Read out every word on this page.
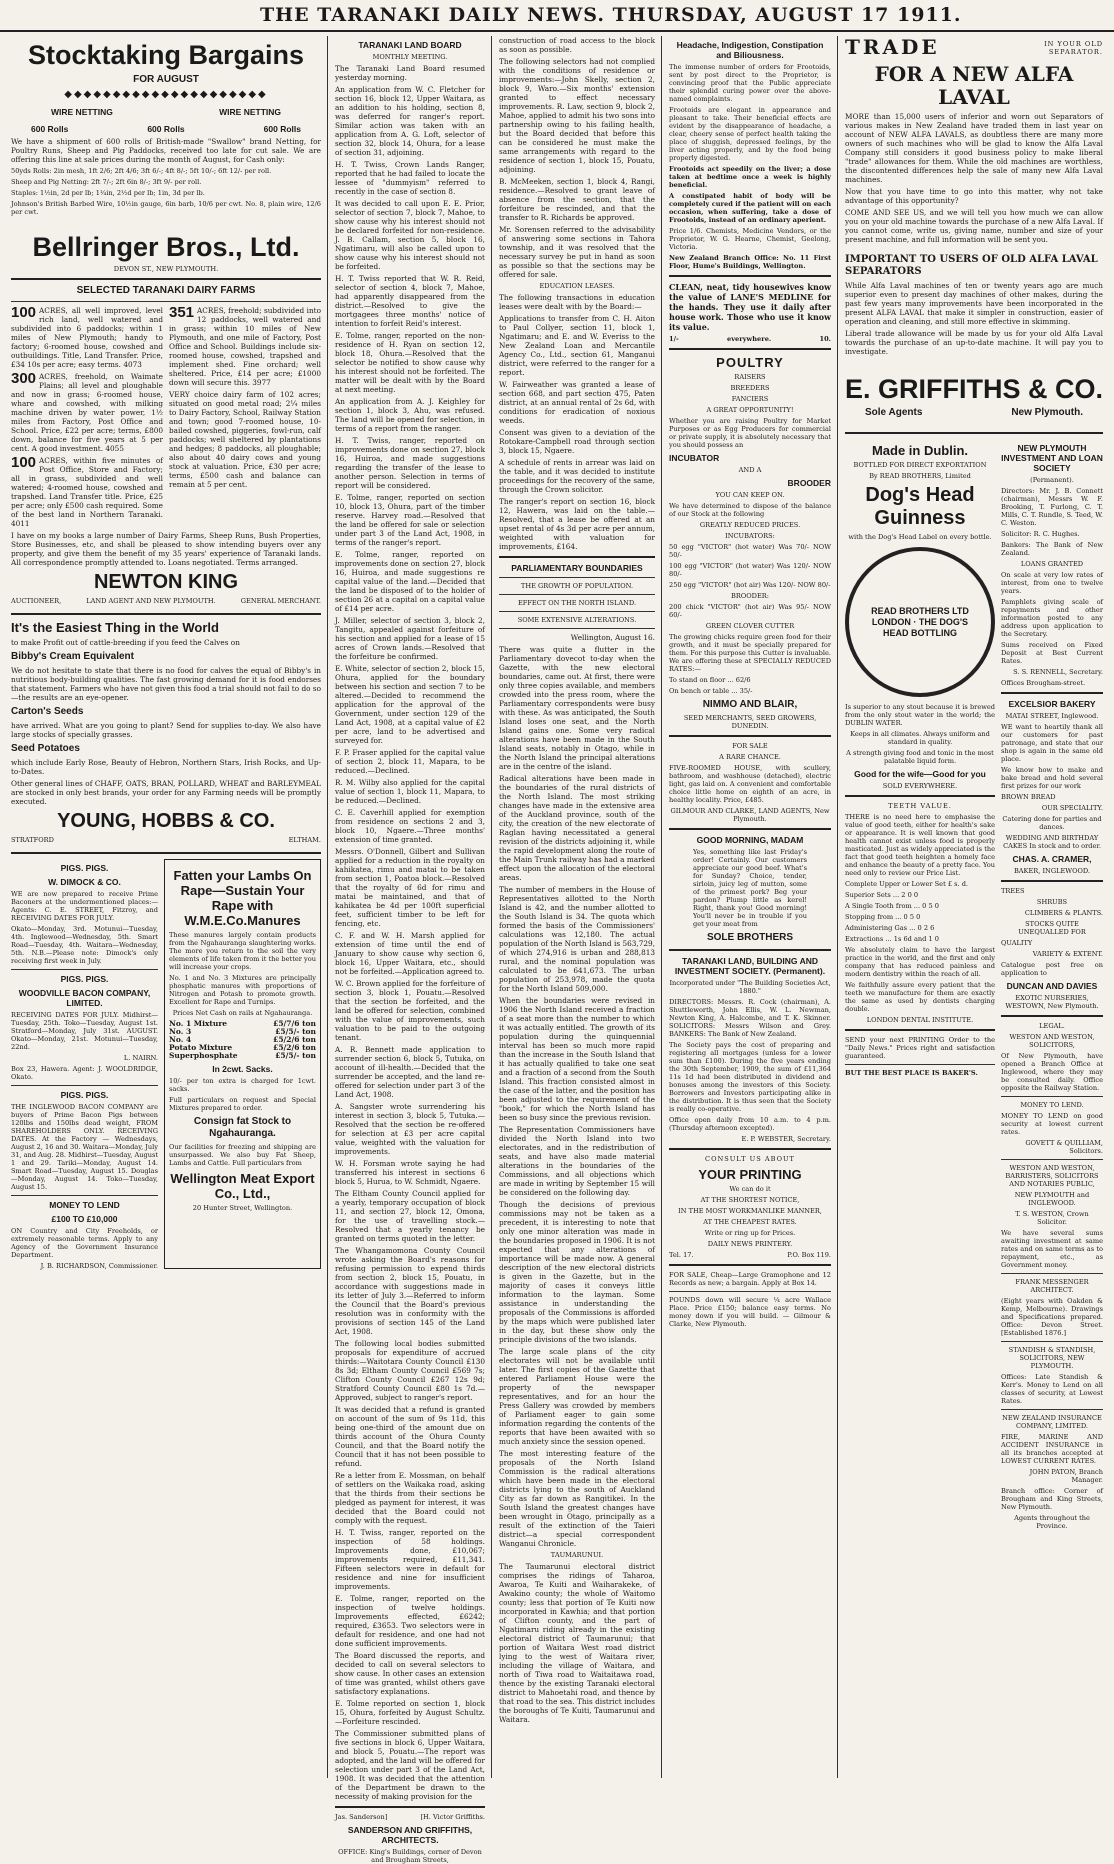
THE TARANAKI DAILY NEWS. THURSDAY, AUGUST 17 1911.
Stocktaking Bargains
FOR AUGUST
◆◆◆◆◆◆◆◆◆◆◆◆◆◆◆◆◆◆◆◆◆
WIRE NETTING	WIRE NETTING
600 Rolls	600 Rolls	600 Rolls

We have a shipment of 600 rolls of British-made "Swallow" brand Netting, for Poultry Runs, Sheep and Pig Paddocks, received too late for cut sale. We are offering this line at sale prices during the month of August, for Cash only:

50yds Rolls: 2in mesh, 1ft 2/6; 2ft 4/6; 3ft 6/-; 4ft 8/-; 5ft 10/-; 6ft 12/- per roll.

Sheep and Pig Netting: 2ft 7/-; 2ft 6in 8/-; 3ft 9/- per roll.

Staples: 1½in, 2d per lb; 1¼in, 2½d per lb; 1in, 3d per lb.

Johnson's British Barbed Wire, 10½in gauge, 6in barb, 10/6 per cwt. No. 8, plain wire, 12/6 per cwt.

Bellringer Bros., Ltd.

DEVON ST., NEW PLYMOUTH.

SELECTED TARANAKI DAIRY FARMS

100 ACRES, all well improved, level rich land, well watered and subdivided into 6 paddocks; within 1 miles of New Plymouth; handy to factory; 6-roomed house, cowshed and outbuildings. Title, Land Transfer. Price, £34 10s per acre; easy terms. 4073

300 ACRES, freehold, on Waimate Plains; all level and ploughable and now in grass; 6-roomed house, whare and cowshed, with milking machine driven by water power, 1½ miles from Factory, Post Office and School. Price, £22 per acre; terms, £800 down, balance for five years at 5 per cent. A good investment. 4055

100 ACRES, within five minutes of Post Office, Store and Factory; all in grass, subdivided and well watered; 4-roomed house, cowshed and trapshed. Land Transfer title. Price, £25 per acre; only £500 cash required. Some of the best land in Northern Taranaki. 4011

351 ACRES, freehold; subdivided into 12 paddocks, well watered and in grass; within 10 miles of New Plymouth, and one mile of Factory, Post Office and School. Buildings include six-roomed house, cowshed, trapshed and implement shed. Fine orchard; well sheltered. Price, £14 per acre; £1000 down will secure this. 3977

VERY choice dairy farm of 102 acres; situated on good metal road; 2¼ miles to Dairy Factory, School, Railway Station and town; good 7-roomed house, 10-bailed cowshed, piggeries, fowl-run, calf paddocks; well sheltered by plantations and hedges; 8 paddocks, all ploughable; also about 40 dairy cows and young stock at valuation. Price, £30 per acre; terms, £500 cash and balance can remain at 5 per cent.

I have on my books a large number of Dairy Farms, Sheep Runs, Bush Properties, Store Businesses, etc, and shall be pleased to show intending buyers over any property, and give them the benefit of my 35 years' experience of Taranaki lands. All correspondence promptly attended to. Loans negotiated. Terms arranged.

NEWTON KING

AUCTIONEER,	LAND AGENT AND NEW PLYMOUTH.	GENERAL MERCHANT.

It's the Easiest Thing in the World

to make Profit out of cattle-breeding if you feed the Calves on

Bibby's Cream Equivalent

We do not hesitate to state that there is no food for calves the equal of Bibby's in nutritious body-building qualities. The fast growing demand for it is food endorses that statement. Farmers who have not given this food a trial should not fail to do so—the results are an eye-opener.

Carton's Seeds

have arrived. What are you going to plant? Send for supplies to-day. We also have large stocks of specially grasses.

Seed Potatoes

which include Early Rose, Beauty of Hebron, Northern Stars, Irish Rocks, and Up-to-Dates.

Other general lines of CHAFF, OATS, BRAN, POLLARD, WHEAT and BARLEYMEAL are stocked in only best brands, your order for any Farming needs will be promptly executed.

YOUNG, HOBBS & CO.

STRATFORD	ELTHAM.

PIGS. PIGS.
W. DIMOCK & CO.

WE are now prepared to receive Prime Baconers at the undermentioned places:— Agents: C. E. STREET, Fitzroy, and RECEIVING DATES FOR JULY.

Okato—Monday, 3rd. Motunui—Tuesday, 4th. Inglewood—Wednesday, 5th. Smart Road—Tuesday, 4th. Waitara—Wednesday, 5th. N.B.—Please note: Dimock's only receiving first week in July.

PIGS. PIGS.
WOODVILLE BACON COMPANY, LIMITED.

RECEIVING DATES FOR JULY. Midhirst—Tuesday, 25th. Toko—Tuesday, August 1st. Stratford—Monday, July 31st. AUGUST. Okato—Monday, 21st. Motunui—Tuesday, 22nd.

L. NAIRN.

Box 23, Hawera. Agent: J. WOOLDRIDGE, Okato.

PIGS. PIGS.

THE INGLEWOOD BACON COMPANY are buyers of Prime Bacon Pigs between 120lbs and 150lbs dead weight, FROM SHAREHOLDERS ONLY. RECEIVING DATES. At the Factory — Wednesdays, August 2, 16 and 30. Waitara—Monday, July 31, and Aug. 28. Midhirst—Tuesday, August 1 and 29. Tariki—Monday, August 14. Smart Road—Tuesday, August 15. Douglas—Monday, August 14. Toko—Tuesday, August 15.

MONEY TO LEND
£100 TO £10,000

ON Country and City Freeholds, or extremely reasonable terms. Apply to any Agency of the Government Insurance Department.

J. B. RICHARDSON, Commissioner.

Fatten your Lambs On Rape—Sustain Your Rape with W.M.E.Co.Manures

These manures largely contain products from the Ngahauranga slaughtering works. The more you return to the soil the very elements of life taken from it the better you will increase your crops.

No. 1 and No. 3 Mixtures are principally phosphatic manures with proportions of Nitrogen and Potash to promote growth. Excellent for Rape and Turnips.

Prices Net Cash on rails at Ngahauranga.

No. 1 Mixture	£5/7/6 ton
No. 3	£5/5/- ton
No. 4	£5/2/6 ton
Potato Mixture	£5/2/6 ton
Superphosphate	£5/5/- ton
In 2cwt. Sacks.

10/- per ton extra is charged for 1cwt. sacks.

Full particulars on request and Special Mixtures prepared to order.

Consign fat Stock to Ngahauranga.

Our facilities for freezing and shipping are unsurpassed. We also buy Fat Sheep, Lambs and Cattle. Full particulars from

Wellington Meat Export Co., Ltd.,

20 Hunter Street, Wellington.

TARANAKI LAND BOARD

MONTHLY MEETING.

The Taranaki Land Board resumed yesterday morning.

An application from W. C. Fletcher for section 16, block 12, Upper Waitara, as an addition to his holding, section 8, was deferred for ranger's report. Similar action was taken with an application from A. G. Loft, selector of section 32, block 14, Ohura, for a lease of section 31, adjoining.

H. T. Twiss, Crown Lands Ranger, reported that he had failed to locate the lessee of "dummyism" referred to recently in the case of section 8.

It was decided to call upon E. E. Prior, selector of section 7, block 7, Mahoe, to show cause why his interest should not be declared forfeited for non-residence. J. B. Callam, section 5, block 16, Ngatimaru, will also be called upon to show cause why his interest should not be forfeited.

H. T. Twiss reported that W. R. Reid, selector of section 4, block 7, Mahoe, had apparently disappeared from the district.—Resolved to give the mortgagees three months' notice of intention to forfeit Reid's interest.

E. Tolme, ranger, reported on the non-residence of H. Ryan on section 12, block 18, Ohura.—Resolved that the selector be notified to show cause why his interest should not be forfeited. The matter will be dealt with by the Board at next meeting.

An application from A. J. Keighley for section 1, block 3, Ahu, was refused. The land will be opened for selection, in terms of a report from the ranger.

H. T. Twiss, ranger, reported on improvements done on section 27, block 16, Huiroa, and made suggestions regarding the transfer of the lease to another person. Selection in terms of report will be considered.

E. Tolme, ranger, reported on section 10, block 13, Ohura, part of the timber reserve. Harvey road.—Resolved that the land be offered for sale or selection under part 3 of the Land Act, 1908, in terms of the ranger's report.

E. Tolme, ranger, reported on improvements done on section 27, block 16, Huiroa, and made suggestions re capital value of the land.—Decided that the land be disposed of to the holder of section 26 at a capital on a capital value of £14 per acre.

J. Miller, selector of section 3, block 2, Tangitu, appealed against forfeiture of his section and applied for a lease of 15 acres of Crown lands.—Resolved that the forfeiture be confirmed.

E. White, selector of section 2, block 15, Ohura, applied for the boundary between his section and section 7 to be altered.—Decided to recommend the application for the approval of the Government, under section 129 of the Land Act, 1908, at a capital value of £2 per acre, land to be advertised and surveyed for.

F. P. Fraser applied for the capital value of section 2, block 11, Mapara, to be reduced.—Declined.

R. M. Wilby also applied for the capital value of section 1, block 11, Mapara, to be reduced.—Declined.

C. E. Caverhill applied for exemption from residence on sections 2 and 3, block 10, Ngaere.—Three months' extension of time granted.

Messrs. O'Donnell, Gilbert and Sullivan applied for a reduction in the royalty on kahikatea, rimu and matai to be taken from section 1, Poatoa block.—Resolved that the royalty of 6d for rimu and matai be maintained, and that of kahikatea be 4d per 100ft superficial feet, sufficient timber to be left for fencing, etc.

C. F. and W. H. Marsh applied for extension of time until the end of January to show cause why section 6, block 16, Upper Waitara, etc., should not be forfeited.—Application agreed to.

W. C. Brown applied for the forfeiture of section 3, block 1, Pouatu.—Resolved that the section be forfeited, and the land be offered for selection, combined with the value of improvements, such valuation to be paid to the outgoing tenant.

A. R. Bennett made application to surrender section 6, block 5, Tutuka, on account of ill-health.—Decided that the surrender be accepted, and the land re-offered for selection under part 3 of the Land Act, 1908.

A. Sangster wrote surrendering his interest in section 3, block 5, Tutuka.—Resolved that the section be re-offered for selection at £3 per acre capital value, weighted with the valuation for improvements.

W. H. Forsman wrote saying he had transferred his interest in sections 6 block 5, Hurua, to W. Schmidt, Ngaere.

The Eltham County Council applied for a yearly, temporary occupation of block 11, and section 27, block 12, Omona, for the use of travelling stock.—Resolved that a yearly tenancy be granted on terms quoted in the letter.

The Whangamomona County Council wrote asking the Board's reasons for refusing permission to expend thirds from section 2, block 15, Pouatu, in accordance with suggestions made in its letter of July 3.—Referred to inform the Council that the Board's previous resolution was in conformity with the provisions of section 145 of the Land Act, 1908.

The following local bodies submitted proposals for expenditure of accrued thirds:—Waitotara County Council £130 8s 3d; Eltham County Council £569 7s; Clifton County Council £267 12s 9d; Stratford County Council £80 1s 7d.—Approved, subject to ranger's report.

It was decided that a refund is granted on account of the sum of 9s 11d, this being one-third of the amount due on thirds account of the Ohura County Council, and that the Board notify the Council that it has not been possible to refund.

Re a letter from E. Mossman, on behalf of settlers on the Waikaka road, asking that the thirds from their sections be pledged as payment for interest, it was decided that the Board could not comply with the request.

H. T. Twiss, ranger, reported on the inspection of 58 holdings. Improvements done, £10,067; improvements required, £11,341. Fifteen selectors were in default for residence and nine for insufficient improvements.

E. Tolme, ranger, reported on the inspection of twelve holdings. Improvements effected, £6242; required, £3653. Two selectors were in default for residence, and one had not done sufficient improvements.

The Board discussed the reports, and decided to call on several selectors to show cause. In other cases an extension of time was granted, whilst others gave satisfactory explanations.

E. Tolme reported on section 1, block 15, Ohura, forfeited by August Schultz.—Forfeiture rescinded.

The Commissioner submitted plans of five sections in block 6, Upper Waitara, and block 5, Pouatu.—The report was adopted, and the land will be offered for selection under part 3 of the Land Act, 1908. It was decided that the attention of the Department be drawn to the necessity of making provision for the

Jas. Sanderson]	[H. Victor Griffiths.
SANDERSON AND GRIFFITHS, ARCHITECTS.

OFFICE: King's Buildings, corner of Devon and Brougham Streets,

construction of road access to the block as soon as possible.

The following selectors had not complied with the conditions of residence or improvements:—John Skelly, section 2, block 9, Waro.—Six months' extension granted to effect necessary improvements. R. Law, section 9, block 2, Mahoe, applied to admit his two sons into partnership owing to his failing health, but the Board decided that before this can be considered he must make the same arrangements with regard to the residence of section 1, block 15, Pouatu, adjoining.

B. McMeeken, section 1, block 4, Rangi, residence.—Resolved to grant leave of absence from the section, that the forfeiture be rescinded, and that the transfer to R. Richards be approved.

Mr. Sorensen referred to the advisability of answering some sections in Tahora township, and it was resolved that the necessary survey be put in hand as soon as possible so that the sections may be offered for sale.

EDUCATION LEASES.

The following transactions in education leases were dealt with by the Board:—

Applications to transfer from C. H. Aiton to Paul Collyer, section 11, block 1, Ngatimaru; and E. and W. Everiss to the New Zealand Loan and Mercantile Agency Co., Ltd., section 61, Manganui district, were referred to the ranger for a report.

W. Fairweather was granted a lease of section 668, and part section 475, Paten district, at an annual rental of 2s 6d, with conditions for eradication of noxious weeds.

Consent was given to a deviation of the Rotokare-Campbell road through section 3, block 15, Ngaere.

A schedule of rents in arrear was laid on the table, and it was decided to institute proceedings for the recovery of the same, through the Crown solicitor.

The ranger's report on section 16, block 12, Hawera, was laid on the table.—Resolved, that a lease be offered at an upset rental of 4s 3d per acre per annum, weighted with valuation for improvements, £164.

PARLIAMENTARY BOUNDARIES

THE GROWTH OF POPULATION.

EFFECT ON THE NORTH ISLAND.

SOME EXTENSIVE ALTERATIONS.

Wellington, August 16.

There was quite a flutter in the Parliamentary dovecot to-day when the Gazette, with the new electoral boundaries, came out. At first, there were only three copies available, and members crowded into the press room, where the Parliamentary correspondents were busy with these. As was anticipated, the South Island loses one seat, and the North Island gains one. Some very radical alterations have been made in the South Island seats, notably in Otago, while in the North Island the principal alterations are in the centre of the island.

Radical alterations have been made in the boundaries of the rural districts of the North Island. The most striking changes have made in the extensive area of the Auckland province, south of the city, the creation of the new electorate of Raglan having necessitated a general revision of the districts adjoining it, while the rapid development along the route of the Main Trunk railway has had a marked effect upon the allocation of the electoral areas.

The number of members in the House of Representatives allotted to the North Island is 42, and the number allotted to the South Island is 34. The quota which formed the basis of the Commissioners' calculations was 12,180. The actual population of the North Island is 563,729, of which 274,916 is urban and 288,813 rural, and the nominal population was calculated to be 641,673. The urban population of 253,978, made the quota for the North Island 509,000.

When the boundaries were revised in 1906 the North Island received a fraction of a seat more than the number to which it was actually entitled. The growth of its population during the quinquennial interval has been so much more rapid than the increase in the South Island that it has actually qualified to take one seat and a fraction of a second from the South Island. This fraction consisted almost in the case of the latter, and the position has been adjusted to the requirement of the "book," for which the North Island has been so busy since the previous revision.

The Representation Commissioners have divided the North Island into two electorates, and in the redistribution of seats, and have also made material alterations in the boundaries of the Commissions, and all objections which are made in writing by September 15 will be considered on the following day.

Though the decisions of previous commissions may not be taken as a precedent, it is interesting to note that only one minor alteration was made in the boundaries proposed in 1906. It is not expected that any alterations of importance will be made now. A general description of the new electoral districts is given in the Gazette, but in the majority of cases it conveys little information to the layman. Some assistance in understanding the proposals of the Commissions is afforded by the maps which were published later in the day, but these show only the principle divisions of the two islands.

The large scale plans of the city electorates will not be available until later. The first copies of the Gazette that entered Parliament House were the property of the newspaper representatives, and for an hour the Press Gallery was crowded by members of Parliament eager to gain some information regarding the contents of the reports that have been awaited with so much anxiety since the session opened.

The most interesting feature of the proposals of the North Island Commission is the radical alterations which have been made in the electoral districts lying to the south of Auckland City as far down as Rangitikei. In the South Island the greatest changes have been wrought in Otago, principally as a result of the extinction of the Taieri district—a special correspondent Wanganui Chronicle.

TAUMARUNUI.

The Taumarunui electoral district comprises the ridings of Taharoa, Awaroa, Te Kuiti and Waiharakeke, of Awakino county; the whole of Waitomo county; less that portion of Te Kuiti now incorporated in Kawhia; and that portion of Clifton county, and the part of Ngatimaru riding already in the existing electoral district of Taumarunui; that portion of Waitara West road district lying to the west of Waitara river, including the village of Waitara, and north of Tiwa road to Waitaitawa road, thence by the existing Taranaki electoral district to Mahoetahi road, and thence by that road to the sea. This district includes the boroughs of Te Kuiti, Taumarunui and Waitara.

Headache, Indigestion, Constipation and Biliousness.

The immense number of orders for Frootoids, sent by post direct to the Proprietor, is convincing proof that the Public appreciate their splendid curing power over the above-named complaints.

Frootoids are elegant in appearance and pleasant to take. Their beneficial effects are evident by the disappearance of headache, a clear, cheery sense of perfect health taking the place of sluggish, depressed feelings, by the liver acting properly, and by the food being properly digested.

Frootoids act speedily on the liver; a dose taken at bedtime once a week is highly beneficial.

A constipated habit of body will be completely cured if the patient will on each occasion, when suffering, take a dose of Frootoids, instead of an ordinary aperient.

Price 1/6. Chemists, Medicine Vendors, or the Proprietor, W. G. Hearne, Chemist, Geelong, Victoria.

New Zealand Branch Office: No. 11 First Floor, Hume's Buildings, Wellington.

CLEAN, neat, tidy housewives know the value of LANE'S MEDLINE for the hands. They use it daily after house work. Those who use it know its value.

1/-	everywhere.	10.
POULTRY

RAISERS

BREEDERS

FANCIERS

A GREAT OPPORTUNITY!

Whether you are raising Poultry for Market Purposes or as Egg Producers for commercial or private supply, it is absolutely necessary that you should possess an

INCUBATOR

AND A

BROODER

YOU CAN KEEP ON.

We have determined to dispose of the balance of our Stock at the following

GREATLY REDUCED PRICES.

INCUBATORS:

50 egg "VICTOR" (hot water) Was 70/- NOW 50/-

100 egg "VICTOR" (hot water) Was 120/- NOW 80/-

250 egg "VICTOR" (hot air) Was 120/- NOW 80/-

BROODER:

200 chick "VICTOR" (hot air) Was 95/- NOW 60/-

GREEN CLOVER CUTTER

The growing chicks require green food for their growth, and it must be specially prepared for them. For this purpose this Cutter is invaluable. We are offering these at SPECIALLY REDUCED RATES:—

To stand on floor ... 62/6

On bench or table ... 35/-

NIMMO AND BLAIR,

SEED MERCHANTS, SEED GROWERS, DUNEDIN.

FOR SALE

A RARE CHANCE.

FIVE-ROOMED HOUSE, with scullery, bathroom, and washhouse (detached), electric light, gas laid on. A convenient and comfortable choice little home on eighth of an acre, in healthy locality. Price, £485.

GILMOUR AND CLARKE, LAND AGENTS, New Plymouth.

GOOD MORNING, MADAM

Yes, something like last Friday's order! Certainly. Our customers appreciate our good beef. What's for Sunday? Choice, tender, sirloin, juicy leg of mutton, some of the primest pork? Beg your pardon? Plump little as kerel! Right, thank you! Good morning! You'll never be in trouble if you get your meat from

SOLE BROTHERS
TARANAKI LAND, BUILDING AND INVESTMENT SOCIETY. (Permanent).

Incorporated under "The Building Societies Act, 1880."

DIRECTORS: Messrs. R. Cock (chairman), A. Shuttleworth, John Ellis, W. L. Newman, Newton King, A. Halcombe, and T. K. Skinner. SOLICITORS: Messrs Wilson and Grey. BANKERS: The Bank of New Zealand.

The Society pays the cost of preparing and registering all mortgages (unless for a lower sum than £100). During the five years ending the 30th September, 1909, the sum of £11,364 11s 1d had been distributed in dividend and bonuses among the investors of this Society. Borrowers and Investors participating alike in the distribution. It is thus seen that the Society is really co-operative.

Office open daily from 10 a.m. to 4 p.m. (Thursday afternoon excepted).

E. P. WEBSTER, Secretary.

CONSULT US ABOUT

YOUR PRINTING

We can do it

AT THE SHORTEST NOTICE,

IN THE MOST WORKMANLIKE MANNER,

AT THE CHEAPEST RATES.

Write or ring up for Prices.

DAILY NEWS PRINTERY.

Tel. 17.	P.O. Box 119.

FOR SALE, Cheap—Large Gramophone and 12 Records as new; a bargain. Apply at Box 14.

POUNDS down will secure ¼ acre Wallace Place. Price £150; balance easy terms. No money down if you will build. — Gilmour & Clarke, New Plymouth.

TRADE	IN YOUR OLD SEPARATOR.

FOR A NEW ALFA LAVAL

MORE than 15,000 users of inferior and worn out Separators of various makes in New Zealand have traded them in last year on account of NEW ALFA LAVALS, as doubtless there are many more owners of such machines who will be glad to know the Alfa Laval Company still considers it good business policy to make liberal "trade" allowances for them. While the old machines are worthless, the discontented differences help the sale of many new Alfa Laval machines.

Now that you have time to go into this matter, why not take advantage of this opportunity?

COME AND SEE US, and we will tell you how much we can allow you on your old machine towards the purchase of a new Alfa Laval. If you cannot come, write us, giving name, number and size of your present machine, and full information will be sent you.

IMPORTANT TO USERS OF OLD ALFA LAVAL SEPARATORS

While Alfa Laval machines of ten or twenty years ago are much superior even to present day machines of other makes, during the past few years many improvements have been incorporated in the present ALFA LAVAL that make it simpler in construction, easier of operation and cleaning, and still more effective in skimming.

Liberal trade allowance will be made by us for your old Alfa Laval towards the purchase of an up-to-date machine. It will pay you to investigate.

E. GRIFFITHS & CO.
Sole Agents	New Plymouth.
Made in Dublin.

BOTTLED FOR DIRECT EXPORTATION

By READ BROTHERS, Limited

Dog's Head Guinness

with the Dog's Head Label on every bottle.

READ BROTHERS LTD LONDON · THE DOG'S HEAD BOTTLING

Is superior to any stout because it is brewed from the only stout water in the world; the DUBLIN WATER.

Keeps in all climates. Always uniform and standard in quality.

A strength giving food and tonic in the most palatable liquid form.

Good for the wife—Good for you

SOLD EVERYWHERE.

TEETH VALUE.

THERE is no need here to emphasise the value of good teeth, either for health's sake or appearance. It is well known that good health cannot exist unless food is properly masticated. Just as widely appreciated is the fact that good teeth heighten a homely face and enhance the beauty of a pretty face. You need only to review our Price List.

Complete Upper or Lower Set £ s. d.

Superior Sets ... 2 0 0

A Single Tooth from ... 0 5 0

Stopping from ... 0 5 0

Administering Gas ... 0 2 6

Extractions ... 1s 6d and 1 0

We absolutely claim to have the largest practice in the world, and the first and only company that has reduced painless and modern dentistry within the reach of all.

We faithfully assure every patient that the teeth we manufacture for them are exactly the same as used by dentists charging double.

LONDON DENTAL INSTITUTE.

SEND your next PRINTING Order to the "Daily News." Prices right and satisfaction guaranteed.

BUT THE BEST PLACE IS BAKER'S.

NEW PLYMOUTH INVESTMENT AND LOAN SOCIETY

(Permanent).

Directors: Mr. J. B. Connett (chairman), Messrs W. F. Brooking, T. Furlong, C. T. Mills, C. T. Rundle, S. Teed, W. C. Weston.

Solicitor: R. C. Hughes.

Bankers: The Bank of New Zealand.

LOANS GRANTED

On scale at very low rates of interest, from one to twelve years.

Pamphlets giving scale of repayments and other information posted to any address upon application to the Secretary.

Sums received on Fixed Deposit at Best Current Rates.

S. S. RENNELL, Secretary.

Offices Brougham-street.

EXCELSIOR BAKERY

MATAI STREET, Inglewood.

WE want to heartily thank all our customers for past patronage, and state that our shop is again in the same old place.

We know how to make and bake bread and hold several first prizes for our work

BROWN BREAD

OUR SPECIALITY.

Catering done for parties and dances.

WEDDING AND BIRTHDAY CAKES In stock and to order.

CHAS. A. CRAMER,

BAKER, INGLEWOOD.

TREES

SHRUBS

CLIMBERS & PLANTS.

STOCKS QUITE UNEQUALLED FOR

QUALITY

VARIETY & EXTENT.

Catalogue post free on application to

DUNCAN AND DAVIES

EXOTIC NURSERIES, WESTOWN, New Plymouth.

LEGAL.

WESTON AND WESTON, SOLICITORS,

Of New Plymouth, have opened a Branch Office at Inglewood, where they may be consulted daily. Office opposite the Railway Station.

MONEY TO LEND.

MONEY TO LEND on good security at lowest current rates.

GOVETT & QUILLIAM, Solicitors.

WESTON AND WESTON, BARRISTERS, SOLICITORS AND NOTARIES PUBLIC,

NEW PLYMOUTH and INGLEWOOD.

T. S. WESTON, Crown Solicitor.

We have several sums awaiting investment at same rates and on same terms as to repayment, etc., as Government money.

FRANK MESSENGER ARCHITECT.

(Eight years with Oakden & Kemp, Melbourne). Drawings and Specifications prepared. Office: Devon Street. [Established 1876.]

STANDISH & STANDISH, SOLICITORS, NEW PLYMOUTH.

Offices: Late Standish & Kerr's. Money to Lend on all classes of security, at Lowest Rates.

NEW ZEALAND INSURANCE COMPANY, LIMITED.

FIRE, MARINE AND ACCIDENT INSURANCE in all its branches accepted at LOWEST CURRENT RATES.

JOHN PATON, Branch Manager.

Branch office: Corner of Brougham and King Streets, New Plymouth.

Agents throughout the Province.
